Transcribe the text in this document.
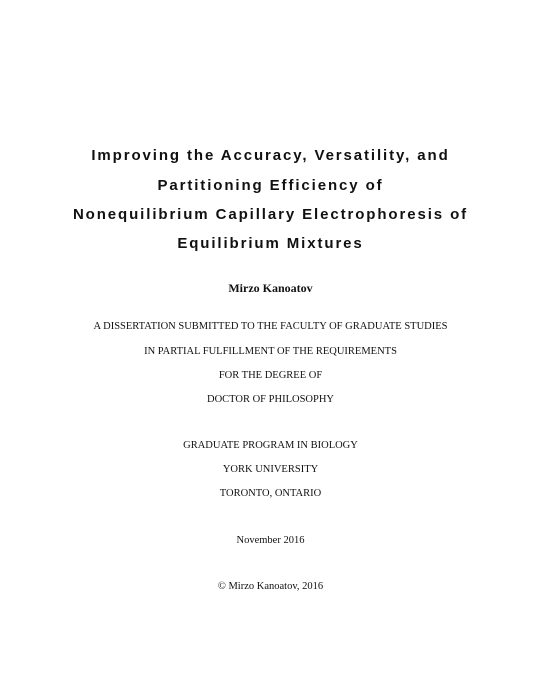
Improving the Accuracy, Versatility, and
Partitioning Efficiency of
Nonequilibrium Capillary Electrophoresis of
Equilibrium Mixtures
Mirzo Kanoatov
A DISSERTATION SUBMITTED TO THE FACULTY OF GRADUATE STUDIES
IN PARTIAL FULFILLMENT OF THE REQUIREMENTS
FOR THE DEGREE OF
DOCTOR OF PHILOSOPHY
GRADUATE PROGRAM IN BIOLOGY
YORK UNIVERSITY
TORONTO, ONTARIO
November 2016
© Mirzo Kanoatov, 2016
